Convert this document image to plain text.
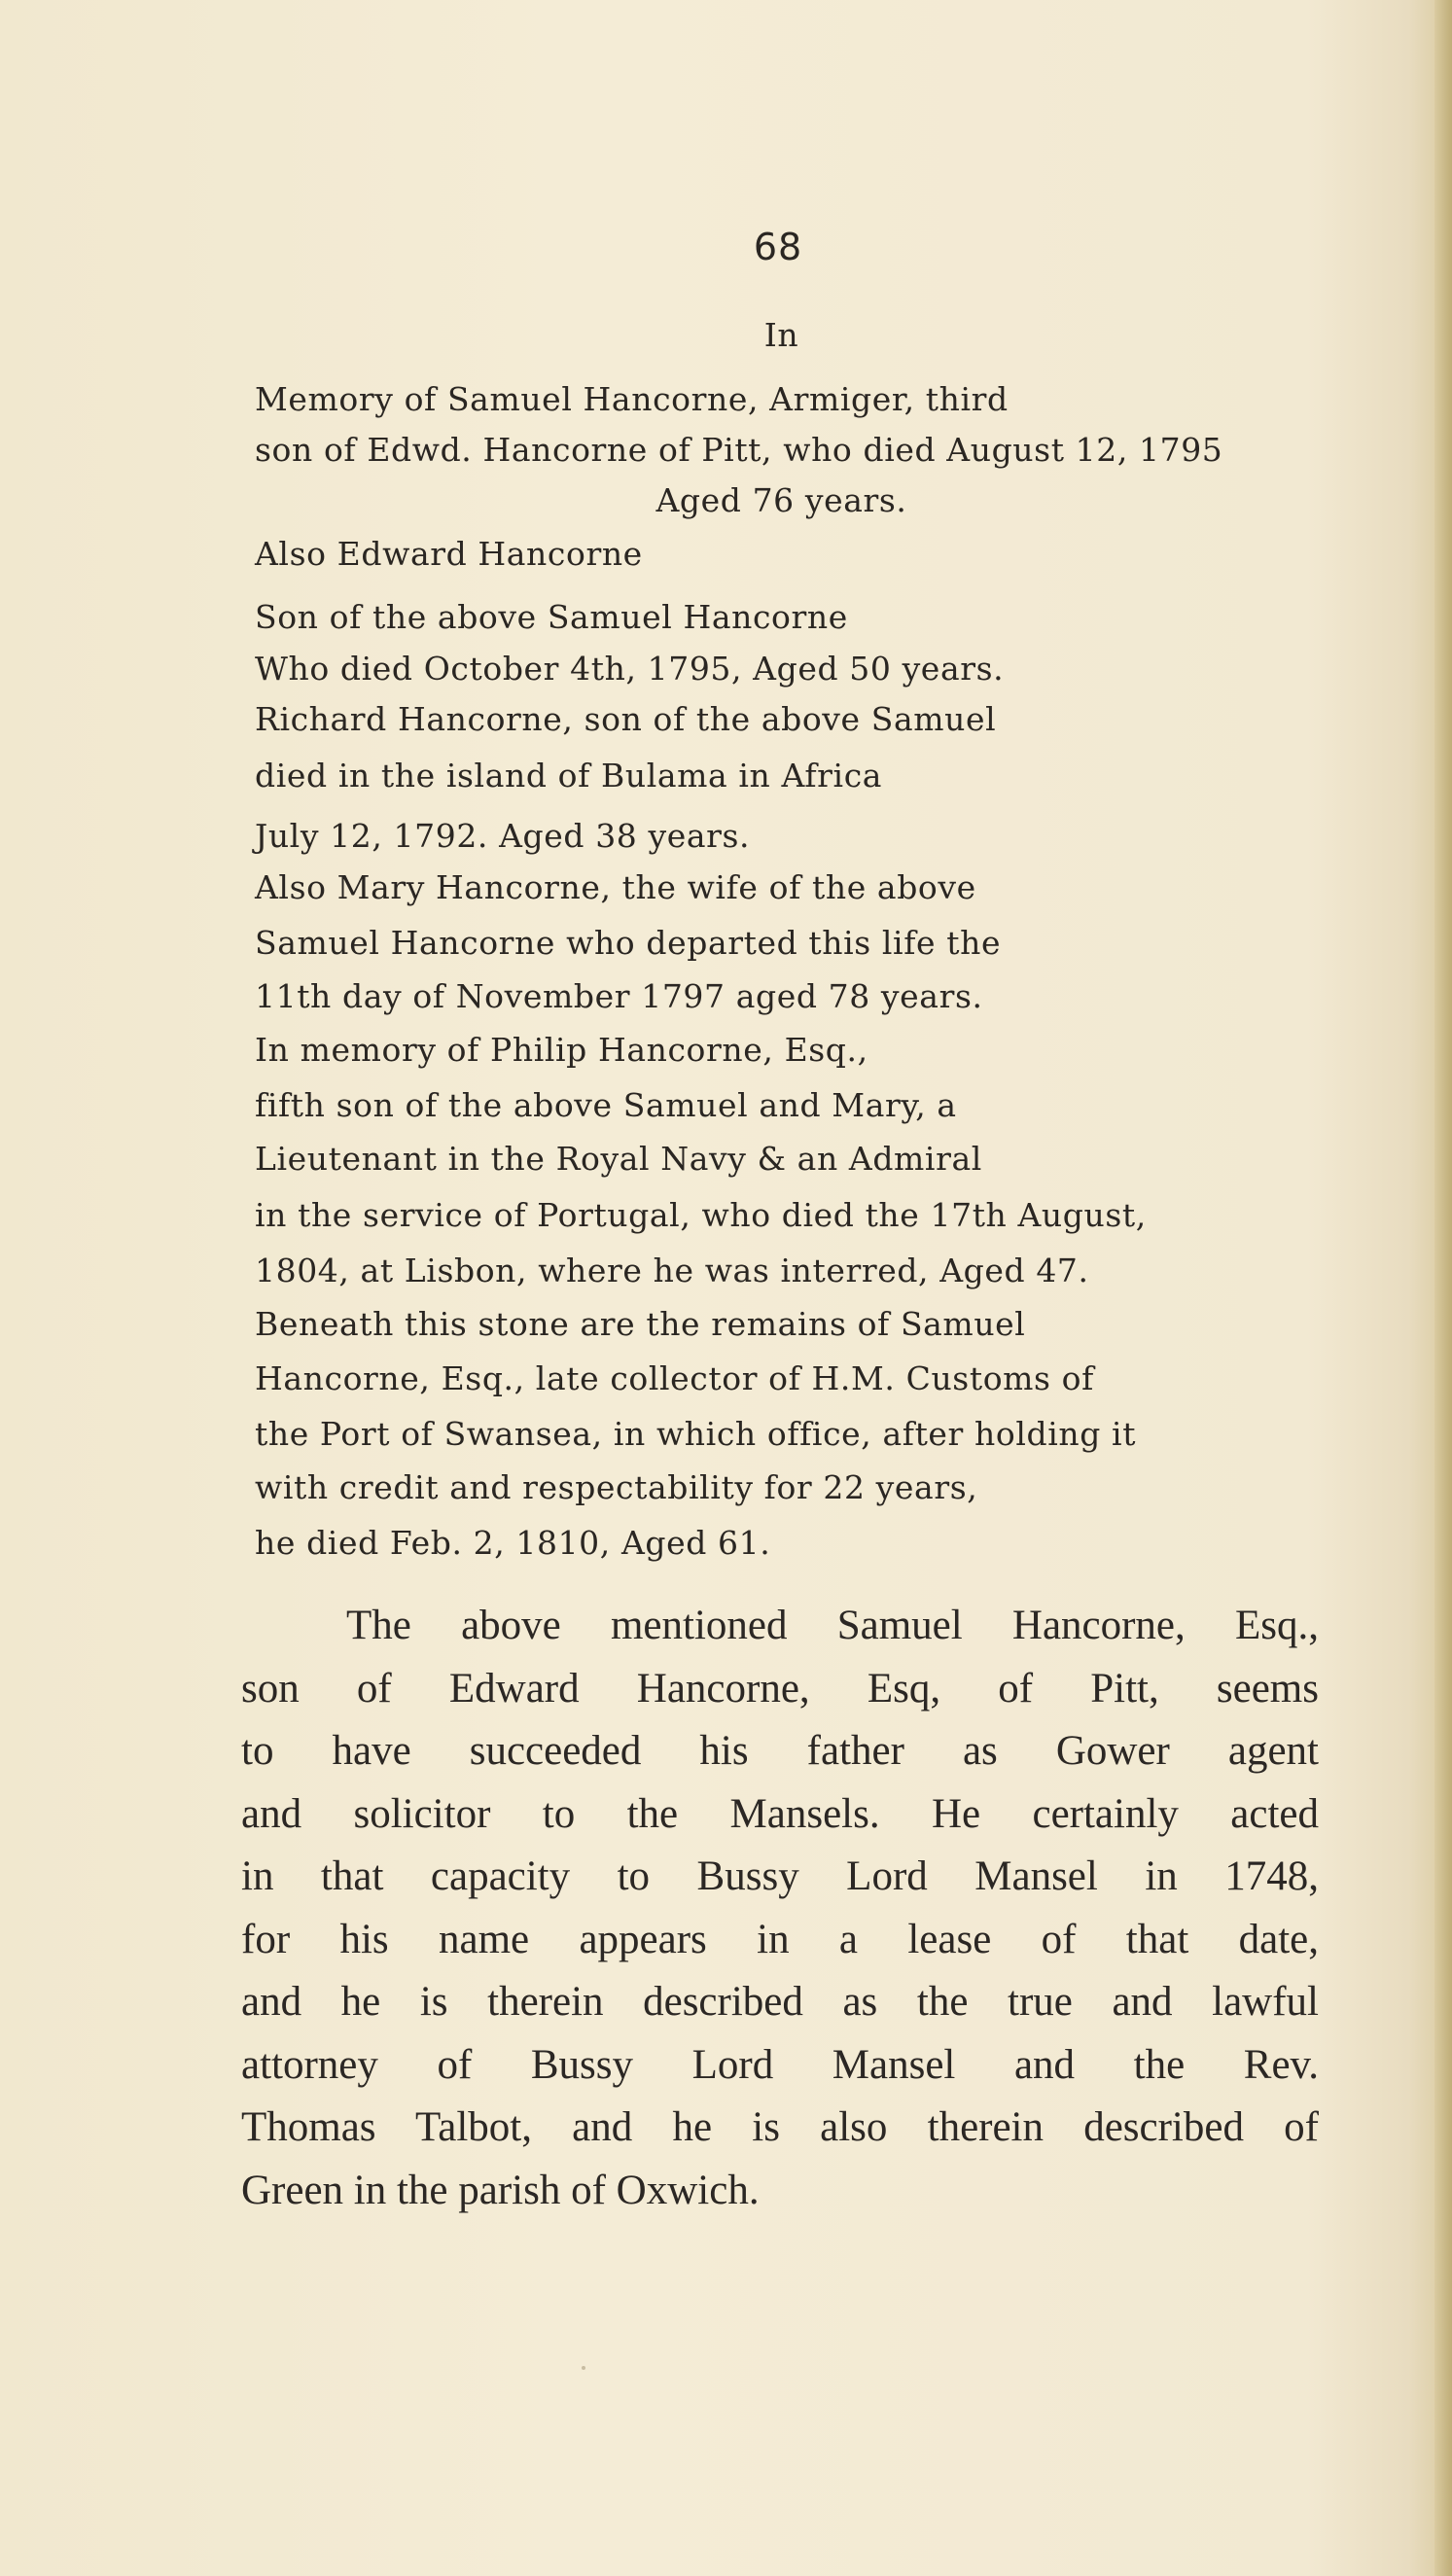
68
In
Memory of Samuel Hancorne, Armiger, third
son of Edwd. Hancorne of Pitt, who died August 12, 1795
Aged 76 years.
Also Edward Hancorne
Son of the above Samuel Hancorne
Who died October 4th, 1795, Aged 50 years.
Richard Hancorne, son of the above Samuel
died in the island of Bulama in Africa
July 12, 1792. Aged 38 years.
Also Mary Hancorne, the wife of the above
Samuel Hancorne who departed this life the
11th day of November 1797 aged 78 years.
In memory of Philip Hancorne, Esq.,
fifth son of the above Samuel and Mary, a
Lieutenant in the Royal Navy & an Admiral
in the service of Portugal, who died the 17th August,
1804, at Lisbon, where he was interred, Aged 47.
Beneath this stone are the remains of Samuel
Hancorne, Esq., late collector of H.M. Customs of
the Port of Swansea, in which office, after holding it
with credit and respectability for 22 years,
he died Feb. 2, 1810, Aged 61.
The above mentioned Samuel Hancorne, Esq.,
son of Edward Hancorne, Esq, of Pitt, seems
to have succeeded his father as Gower agent
and solicitor to the Mansels. He certainly acted
in that capacity to Bussy Lord Mansel in 1748,
for his name appears in a lease of that date,
and he is therein described as the true and lawful
attorney of Bussy Lord Mansel and the Rev.
Thomas Talbot, and he is also therein described of
Green in the parish of Oxwich.
